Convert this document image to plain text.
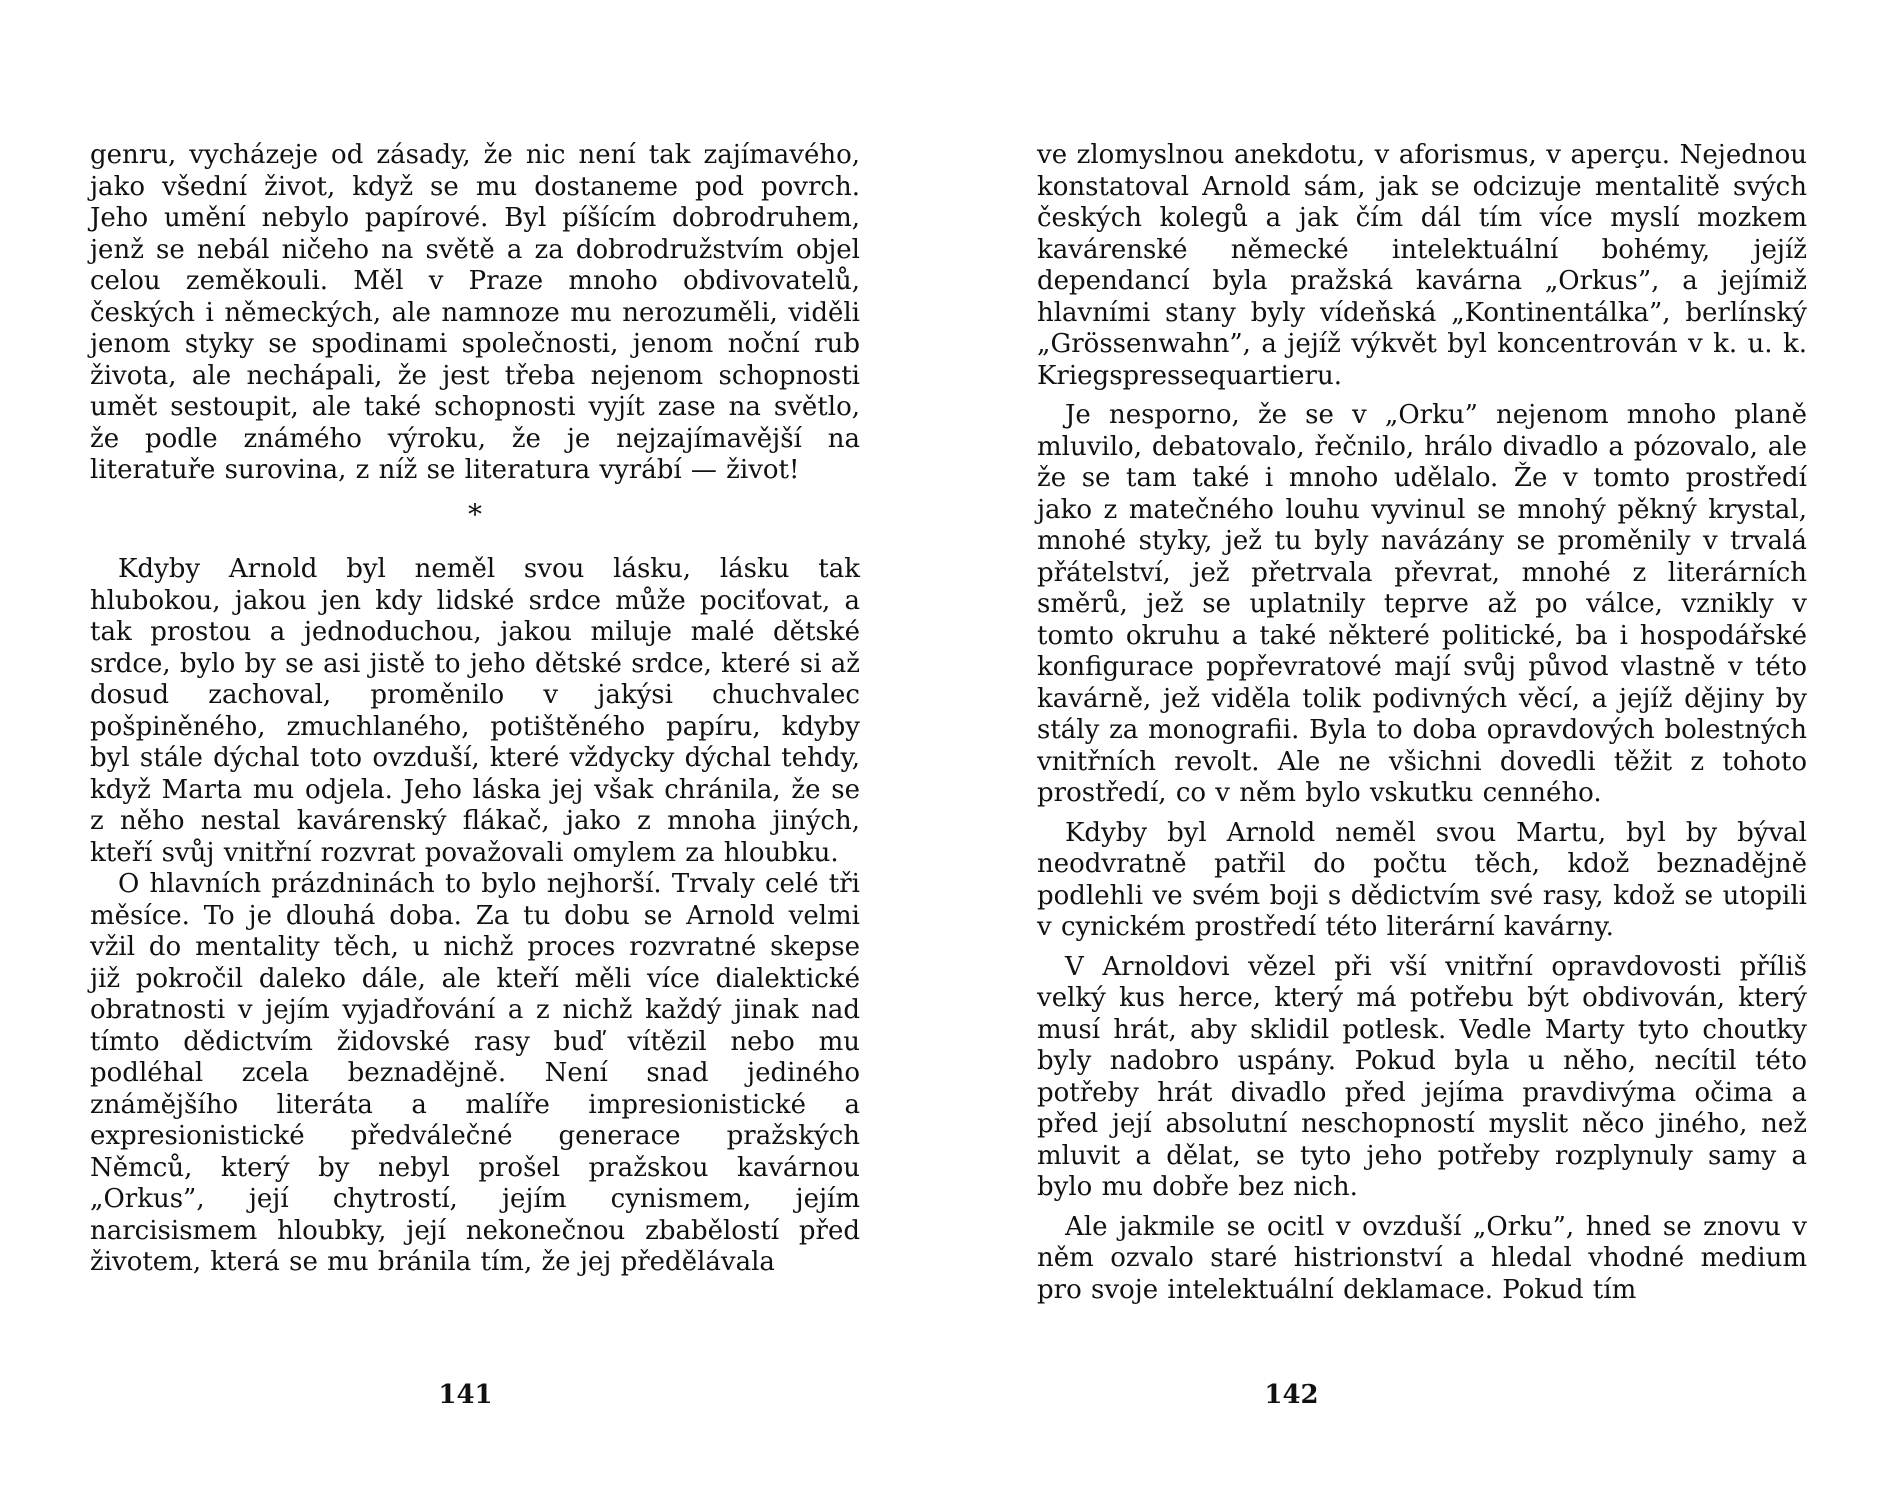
genru, vycházeje od zásady, že nic není tak zajímavého, jako všední život, když se mu dostaneme pod povrch. Jeho umění nebylo papírové. Byl píšícím dobrodruhem, jenž se nebál ničeho na světě a za dobrodružstvím objel celou zeměkouli. Měl v Praze mnoho obdivovatelů, českých i německých, ale namnoze mu nerozuměli, viděli jenom styky se spodinami společnosti, jenom noční rub života, ale nechápali, že jest třeba nejenom schopnosti umět sestoupit, ale také schopnosti vyjít zase na světlo, že podle známého výroku, že je nejzajímavější na literatuře surovina, z níž se literatura vyrábí — život!

*

Kdyby Arnold byl neměl svou lásku, lásku tak hlubokou, jakou jen kdy lidské srdce může pociťovat, a tak prostou a jednoduchou, jakou miluje malé dětské srdce, bylo by se asi jistě to jeho dětské srdce, které si až dosud zachoval, proměnilo v jakýsi chuchvalec pošpiněného, zmuchlaného, potištěného papíru, kdyby byl stále dýchal toto ovzduší, které vždycky dýchal tehdy, když Marta mu odjela. Jeho láska jej však chránila, že se z něho nestal kavárenský flákač, jako z mnoha jiných, kteří svůj vnitřní rozvrat považovali omylem za hloubku.

O hlavních prázdninách to bylo nejhorší. Trvaly celé tři měsíce. To je dlouhá doba. Za tu dobu se Arnold velmi vžil do mentality těch, u nichž proces rozvratné skepse již pokročil daleko dále, ale kteří měli více dialektické obratnosti v jejím vyjadřování a z nichž každý jinak nad tímto dědictvím židovské rasy buď vítězil nebo mu podléhal zcela beznadějně. Není snad jediného známějšího literáta a malíře impresionistické a expresionistické předválečné generace pražských Němců, který by nebyl prošel pražskou kavárnou „Orkus”, její chytrostí, jejím cynismem, jejím narcisismem hloubky, její nekonečnou zbabělostí před životem, která se mu bránila tím, že jej předělávala

141

ve zlomyslnou anekdotu, v aforismus, v aperçu. Nejednou konstatoval Arnold sám, jak se odcizuje mentalitě svých českých kolegů a jak čím dál tím více myslí mozkem kavárenské německé intelektuální bohémy, jejíž dependancí byla pražská kavárna „Orkus”, a jejímiž hlavními stany byly vídeňská „Kontinentálka”, berlínský „Grössenwahn”, a jejíž výkvět byl koncentrován v k. u. k. Kriegspressequartieru.

Je nesporno, že se v „Orku” nejenom mnoho planě mluvilo, debatovalo, řečnilo, hrálo divadlo a pózovalo, ale že se tam také i mnoho udělalo. Že v tomto prostředí jako z matečného louhu vyvinul se mnohý pěkný krystal, mnohé styky, jež tu byly navázány se proměnily v trvalá přátelství, jež přetrvala převrat, mnohé z literárních směrů, jež se uplatnily teprve až po válce, vznikly v tomto okruhu a také některé politické, ba i hospodářské konfigurace popřevratové mají svůj původ vlastně v této kavárně, jež viděla tolik podivných věcí, a jejíž dějiny by stály za monografii. Byla to doba opravdových bolestných vnitřních revolt. Ale ne všichni dovedli těžit z tohoto prostředí, co v něm bylo vskutku cenného.

Kdyby byl Arnold neměl svou Martu, byl by býval neodvratně patřil do počtu těch, kdož beznadějně podlehli ve svém boji s dědictvím své rasy, kdož se utopili v cynickém prostředí této literární kavárny.

V Arnoldovi vězel při vší vnitřní opravdovosti příliš velký kus herce, který má potřebu být obdivován, který musí hrát, aby sklidil potlesk. Vedle Marty tyto choutky byly nadobro uspány. Pokud byla u něho, necítil této potřeby hrát divadlo před jejíma pravdivýma očima a před její absolutní neschopností myslit něco jiného, než mluvit a dělat, se tyto jeho potřeby rozplynuly samy a bylo mu dobře bez nich.

Ale jakmile se ocitl v ovzduší „Orku”, hned se znovu v něm ozvalo staré histrionství a hledal vhodné medium pro svoje intelektuální deklamace. Pokud tím

142
